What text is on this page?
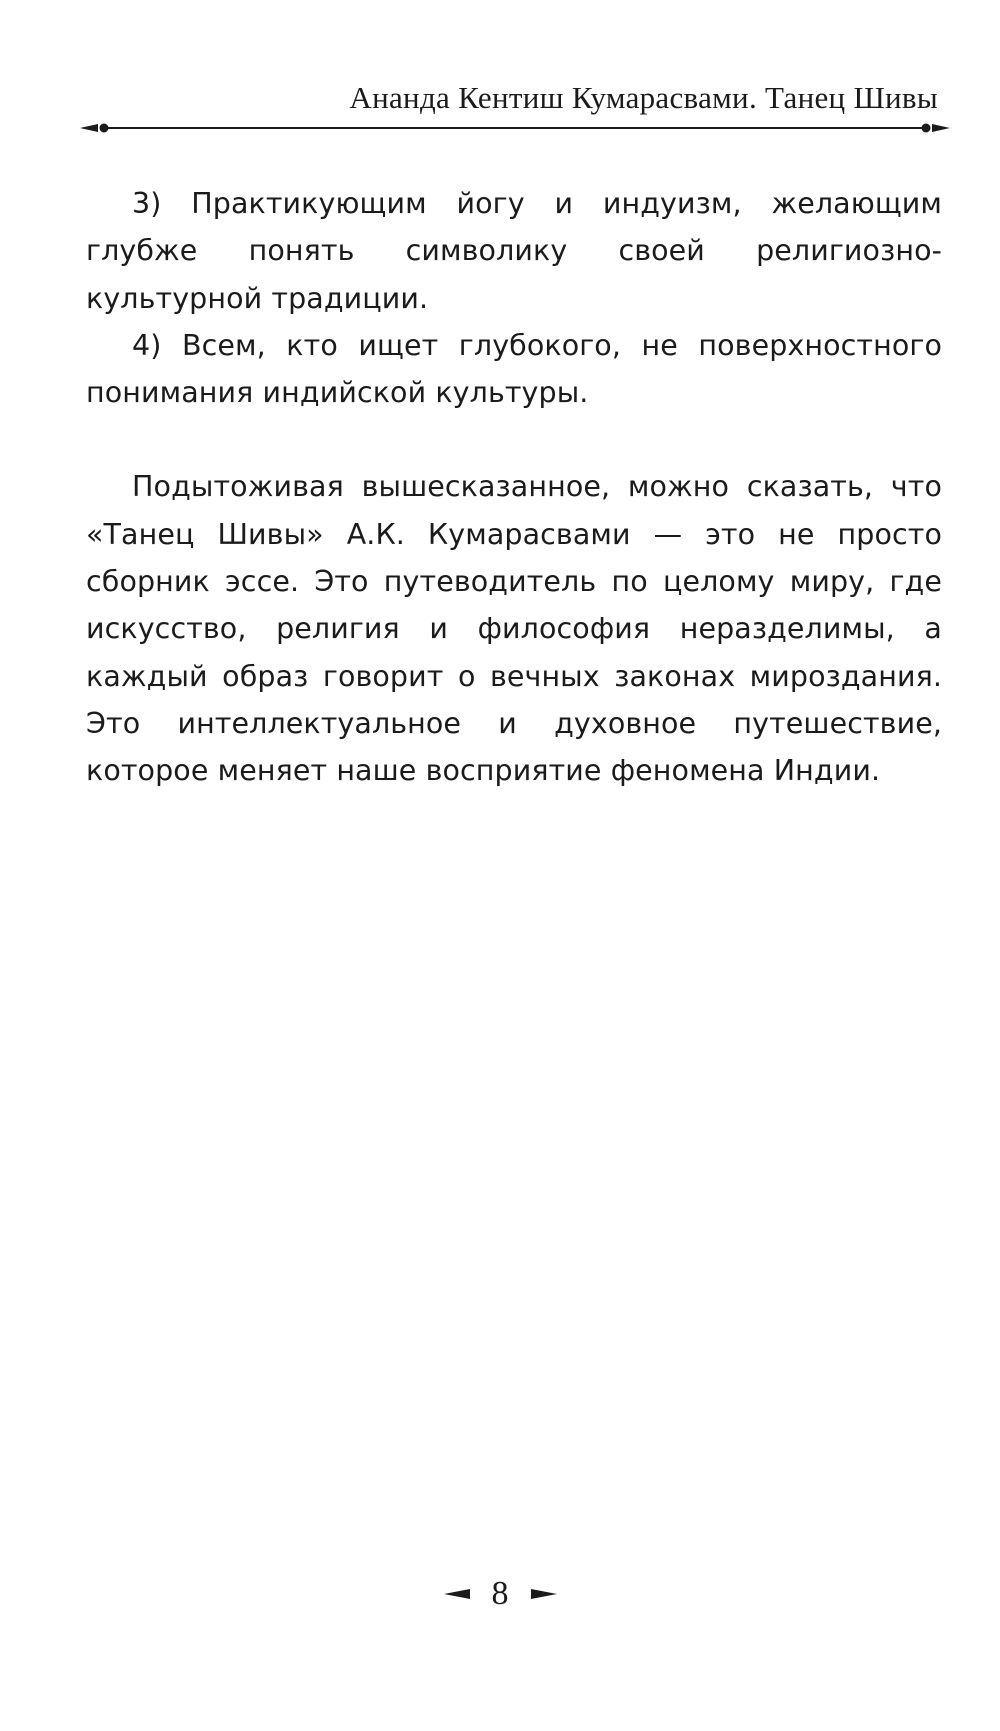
Ананда Кентиш Кумарасвами. Танец Шивы

3) Практикующим йогу и индуизм, желающим глубже понять символику своей религиозно-культурной традиции.

4) Всем, кто ищет глубокого, не поверхностного понимания индийской культуры.

Подытоживая вышесказанное, можно сказать, что «Танец Шивы» А.К. Кумарасвами — это не просто сборник эссе. Это путеводитель по целому миру, где искусство, религия и философия неразделимы, а каждый образ говорит о вечных законах мироздания. Это интеллектуальное и духовное путешествие, которое меняет наше восприятие феномена Индии.

8
